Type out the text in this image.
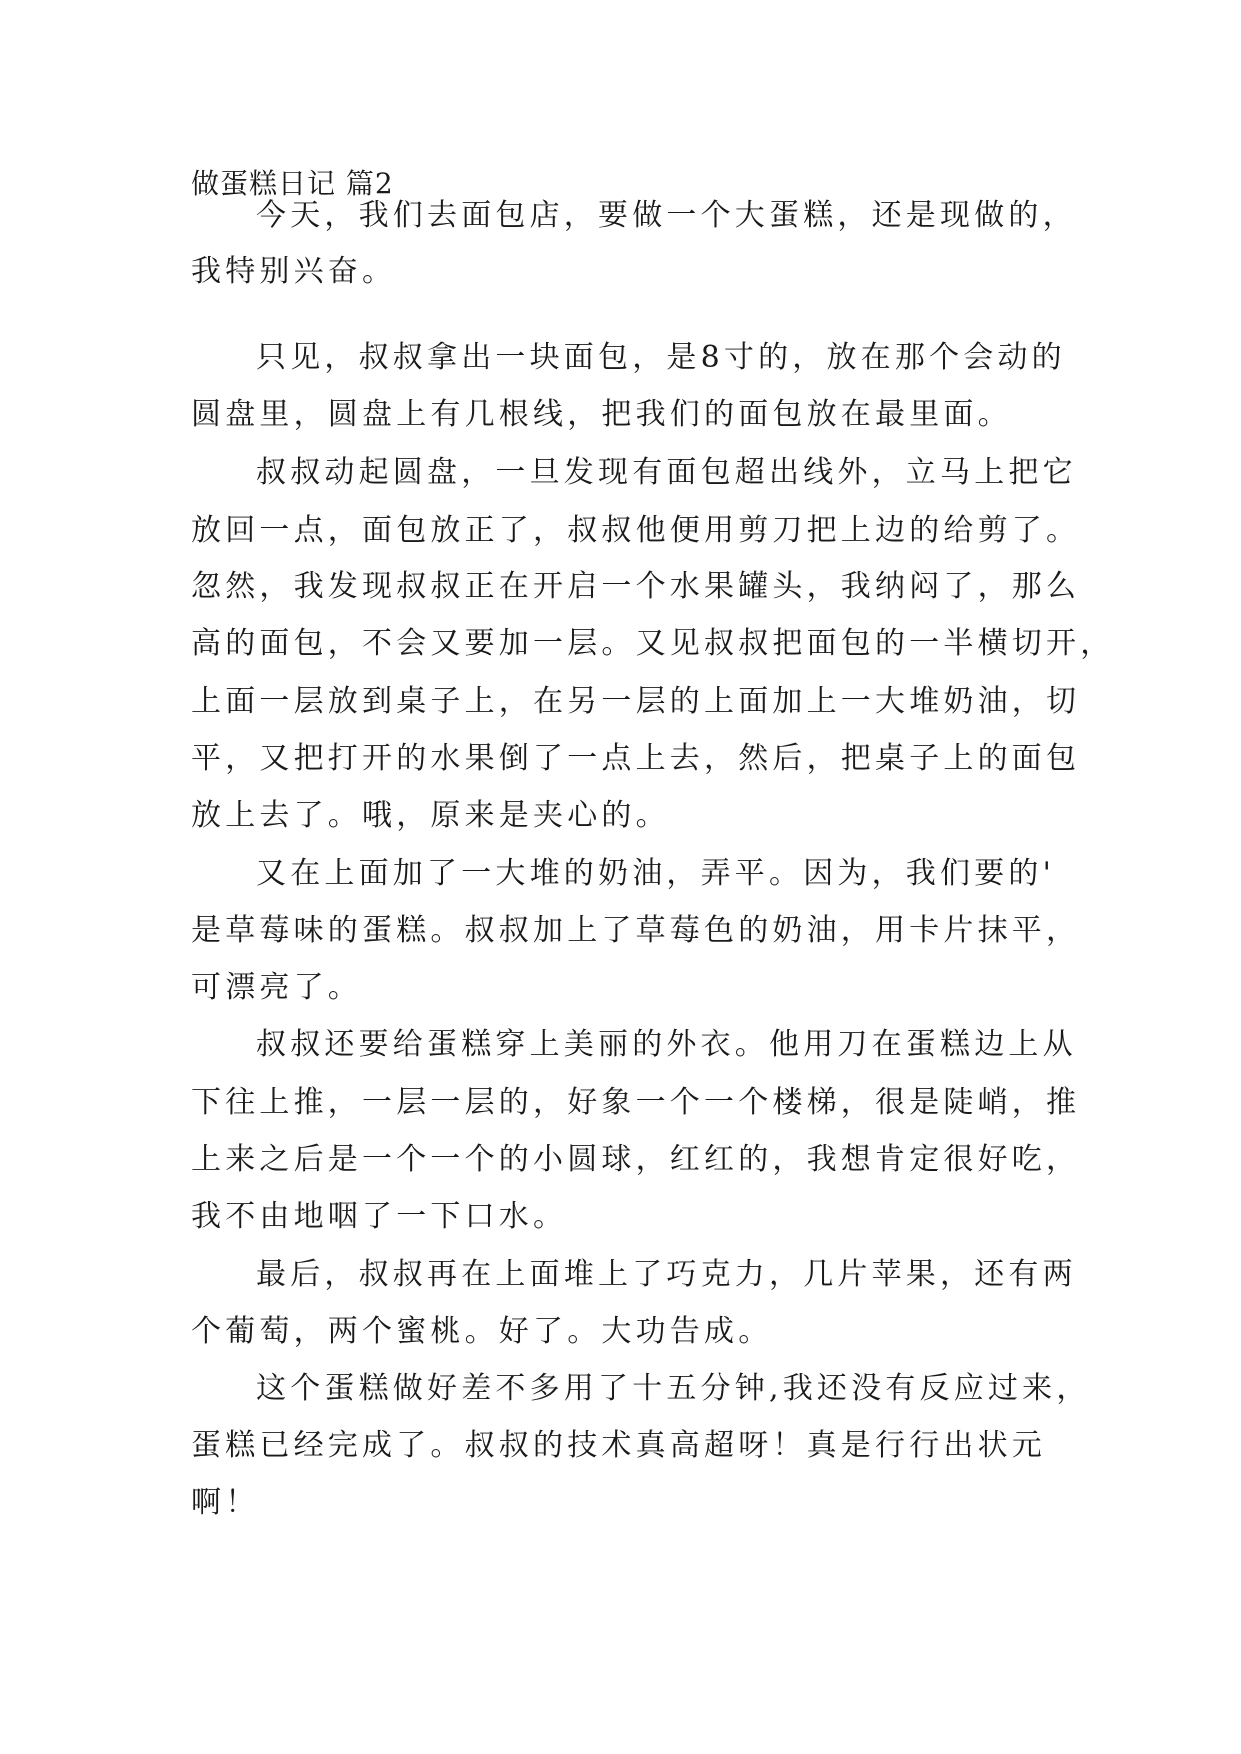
做蛋糕日记 篇2
今天，我们去面包店，要做一个大蛋糕，还是现做的，
我特别兴奋。
只见，叔叔拿出一块面包，是8寸的，放在那个会动的
圆盘里，圆盘上有几根线，把我们的面包放在最里面。
叔叔动起圆盘，一旦发现有面包超出线外，立马上把它
放回一点，面包放正了，叔叔他便用剪刀把上边的给剪了。
忽然，我发现叔叔正在开启一个水果罐头，我纳闷了，那么
高的面包，不会又要加一层。又见叔叔把面包的一半横切开，
上面一层放到桌子上，在另一层的上面加上一大堆奶油，切
平，又把打开的水果倒了一点上去，然后，把桌子上的面包
放上去了。哦，原来是夹心的。
又在上面加了一大堆的奶油，弄平。因为，我们要的'
是草莓味的蛋糕。叔叔加上了草莓色的奶油，用卡片抹平，
可漂亮了。
叔叔还要给蛋糕穿上美丽的外衣。他用刀在蛋糕边上从
下往上推，一层一层的，好象一个一个楼梯，很是陡峭，推
上来之后是一个一个的小圆球，红红的，我想肯定很好吃，
我不由地咽了一下口水。
最后，叔叔再在上面堆上了巧克力，几片苹果，还有两
个葡萄，两个蜜桃。好了。大功告成。
这个蛋糕做好差不多用了十五分钟,我还没有反应过来，
蛋糕已经完成了。叔叔的技术真高超呀！真是行行出状元
啊！
